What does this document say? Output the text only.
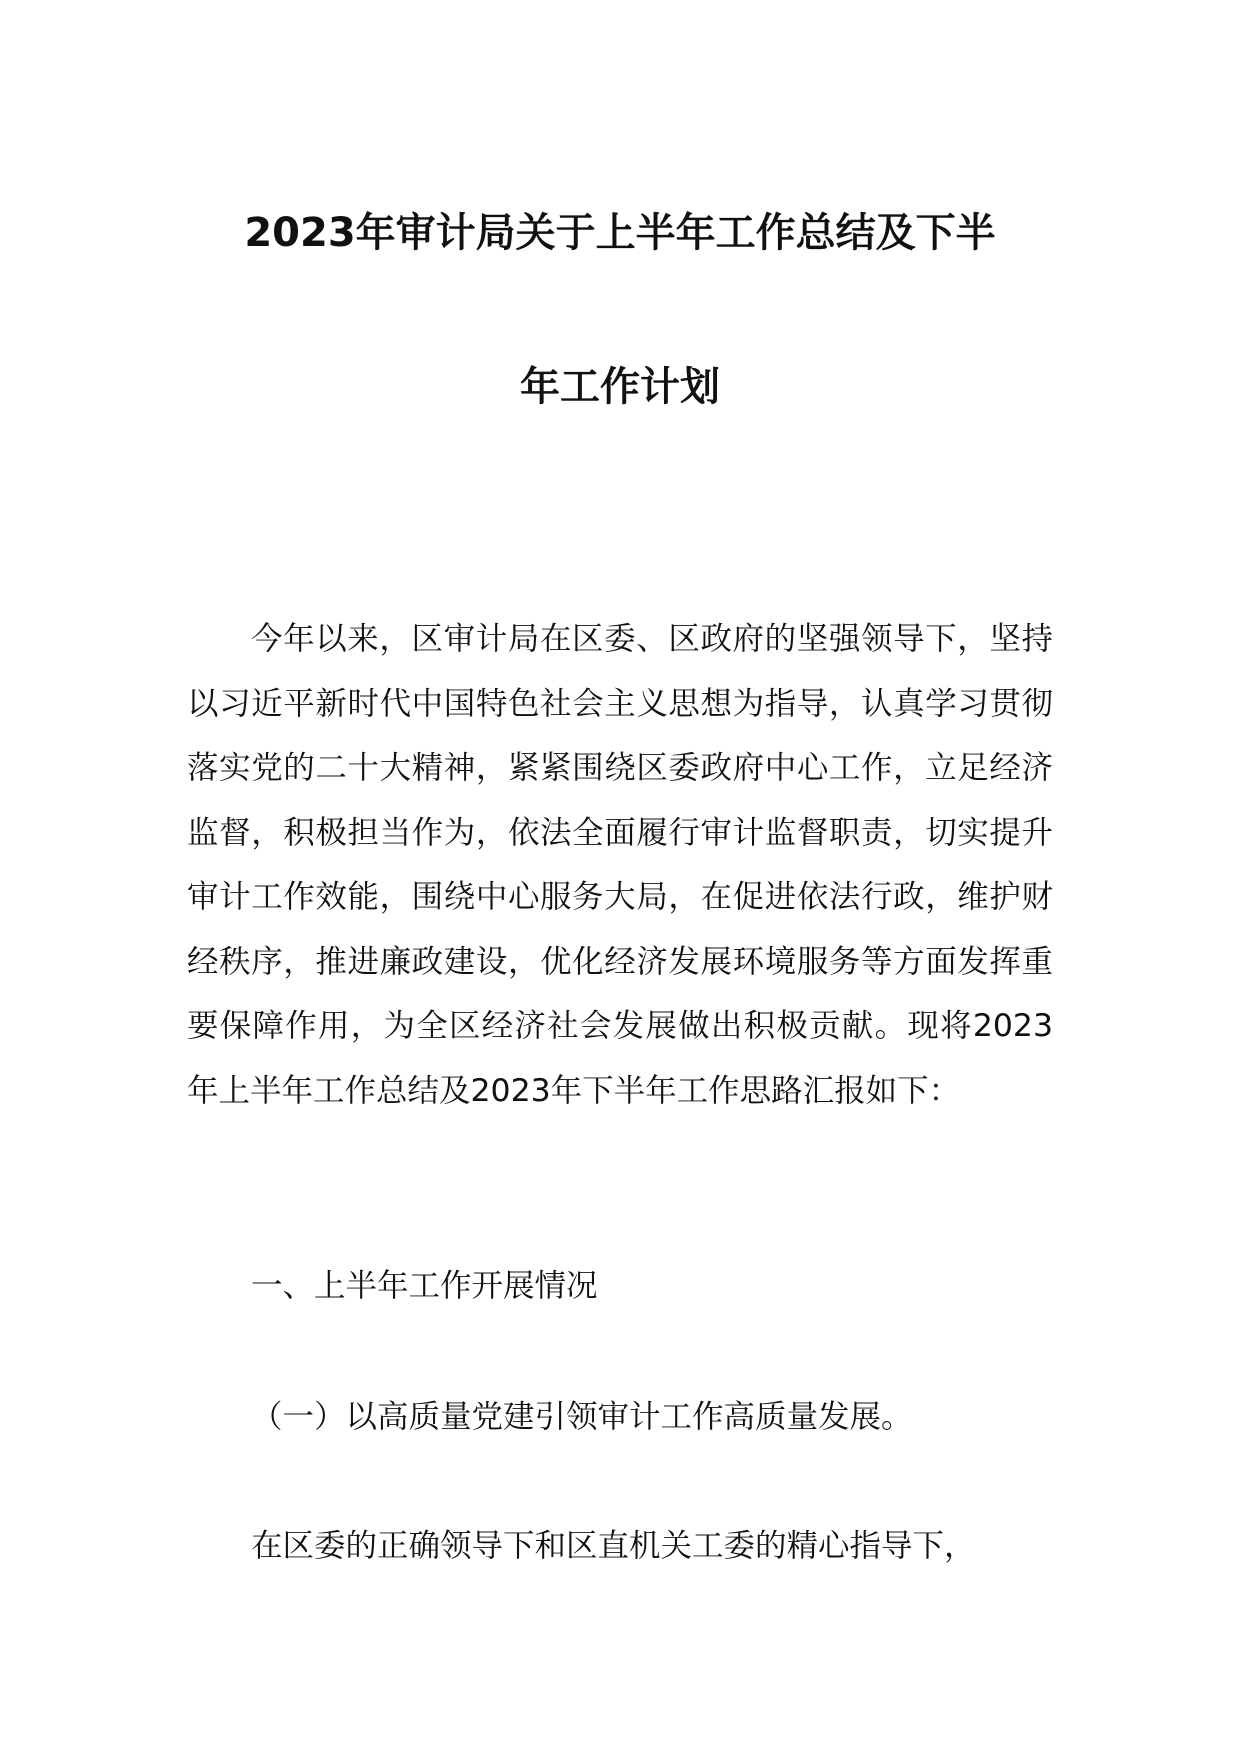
2023年审计局关于上半年工作总结及下半
年工作计划
今年以来，区审计局在区委、区政府的坚强领导下，坚持以习近平新时代中国特色社会主义思想为指导，认真学习贯彻落实党的二十大精神，紧紧围绕区委政府中心工作，立足经济监督，积极担当作为，依法全面履行审计监督职责，切实提升审计工作效能，围绕中心服务大局，在促进依法行政，维护财经秩序，推进廉政建设，优化经济发展环境服务等方面发挥重要保障作用，为全区经济社会发展做出积极贡献。现将2023年上半年工作总结及2023年下半年工作思路汇报如下：
一、上半年工作开展情况
（一）以高质量党建引领审计工作高质量发展。
在区委的正确领导下和区直机关工委的精心指导下，
